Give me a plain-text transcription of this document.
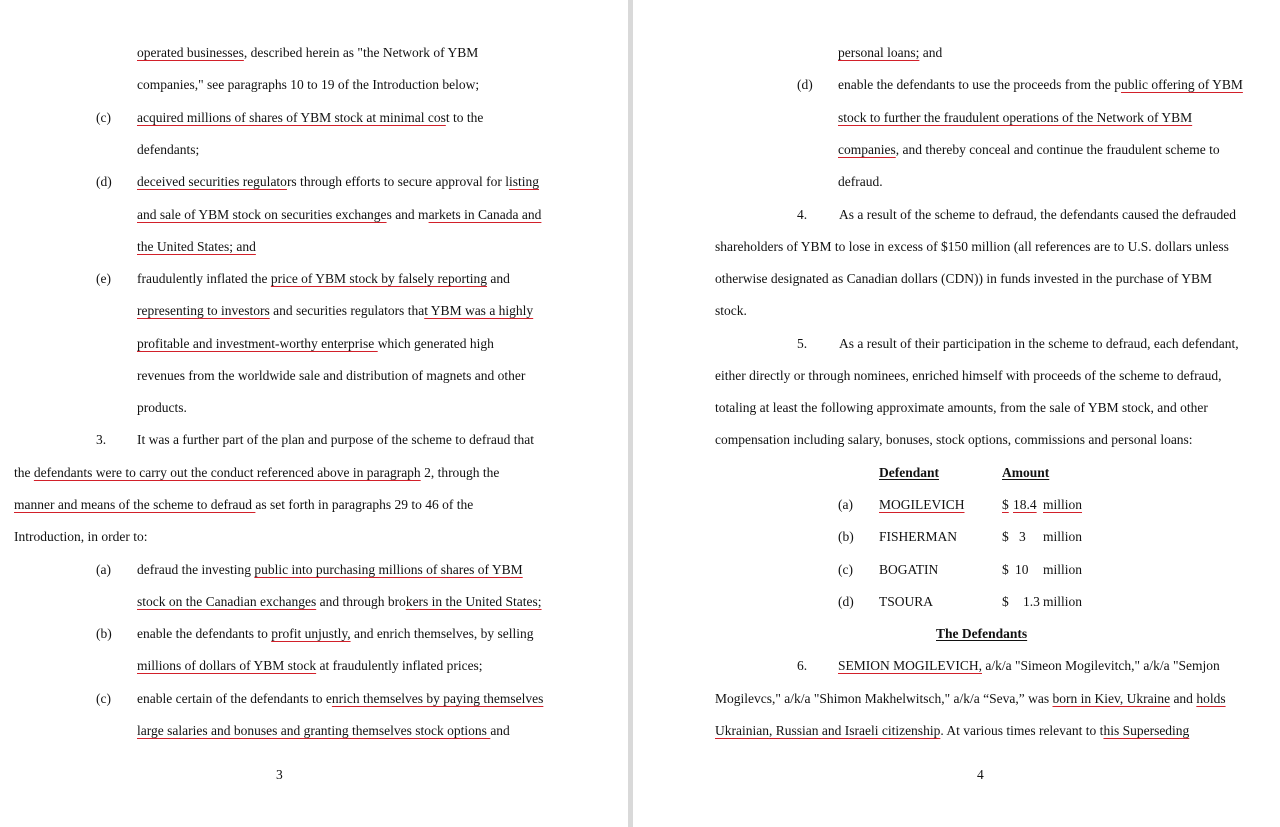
operated businesses, described herein as "the Network of YBM
companies," see paragraphs 10 to 19 of the Introduction below;
(c) acquired millions of shares of YBM stock at minimal cost to the
defendants;
(d) deceived securities regulators through efforts to secure approval for listing
and sale of YBM stock on securities exchanges and markets in Canada and
the United States; and
(e) fraudulently inflated the price of YBM stock by falsely reporting and
representing to investors and securities regulators that YBM was a highly
profitable and investment-worthy enterprise which generated high
revenues from the worldwide sale and distribution of magnets and other
products.
3. It was a further part of the plan and purpose of the scheme to defraud that
the defendants were to carry out the conduct referenced above in paragraph 2, through the
manner and means of the scheme to defraud as set forth in paragraphs 29 to 46 of the
Introduction, in order to:
(a) defraud the investing public into purchasing millions of shares of YBM
stock on the Canadian exchanges and through brokers in the United States;
(b) enable the defendants to profit unjustly, and enrich themselves, by selling
millions of dollars of YBM stock at fraudulently inflated prices;
(c) enable certain of the defendants to enrich themselves by paying themselves
large salaries and bonuses and granting themselves stock options and
3
personal loans; and
(d) enable the defendants to use the proceeds from the public offering of YBM
stock to further the fraudulent operations of the Network of YBM
companies, and thereby conceal and continue the fraudulent scheme to
defraud.
4. As a result of the scheme to defraud, the defendants caused the defrauded
shareholders of YBM to lose in excess of $150 million (all references are to U.S. dollars unless
otherwise designated as Canadian dollars (CDN)) in funds invested in the purchase of YBM
stock.
5. As a result of their participation in the scheme to defraud, each defendant,
either directly or through nominees, enriched himself with proceeds of the scheme to defraud,
totaling at least the following approximate amounts, from the sale of YBM stock, and other
compensation including salary, bonuses, stock options, commissions and personal loans:
Defendant	Amount
(a) MOGILEVICH	$ 18.4 million
(b) FISHERMAN	$ 3 million
(c) BOGATIN	$ 10 million
(d) TSOURA	$ 1.3 million
The Defendants
6. SEMION MOGILEVICH, a/k/a "Simeon Mogilevitch," a/k/a "Semjon
Mogilevcs," a/k/a "Shimon Makhelwitsch," a/k/a “Seva,” was born in Kiev, Ukraine and holds
Ukrainian, Russian and Israeli citizenship. At various times relevant to this Superseding
4
